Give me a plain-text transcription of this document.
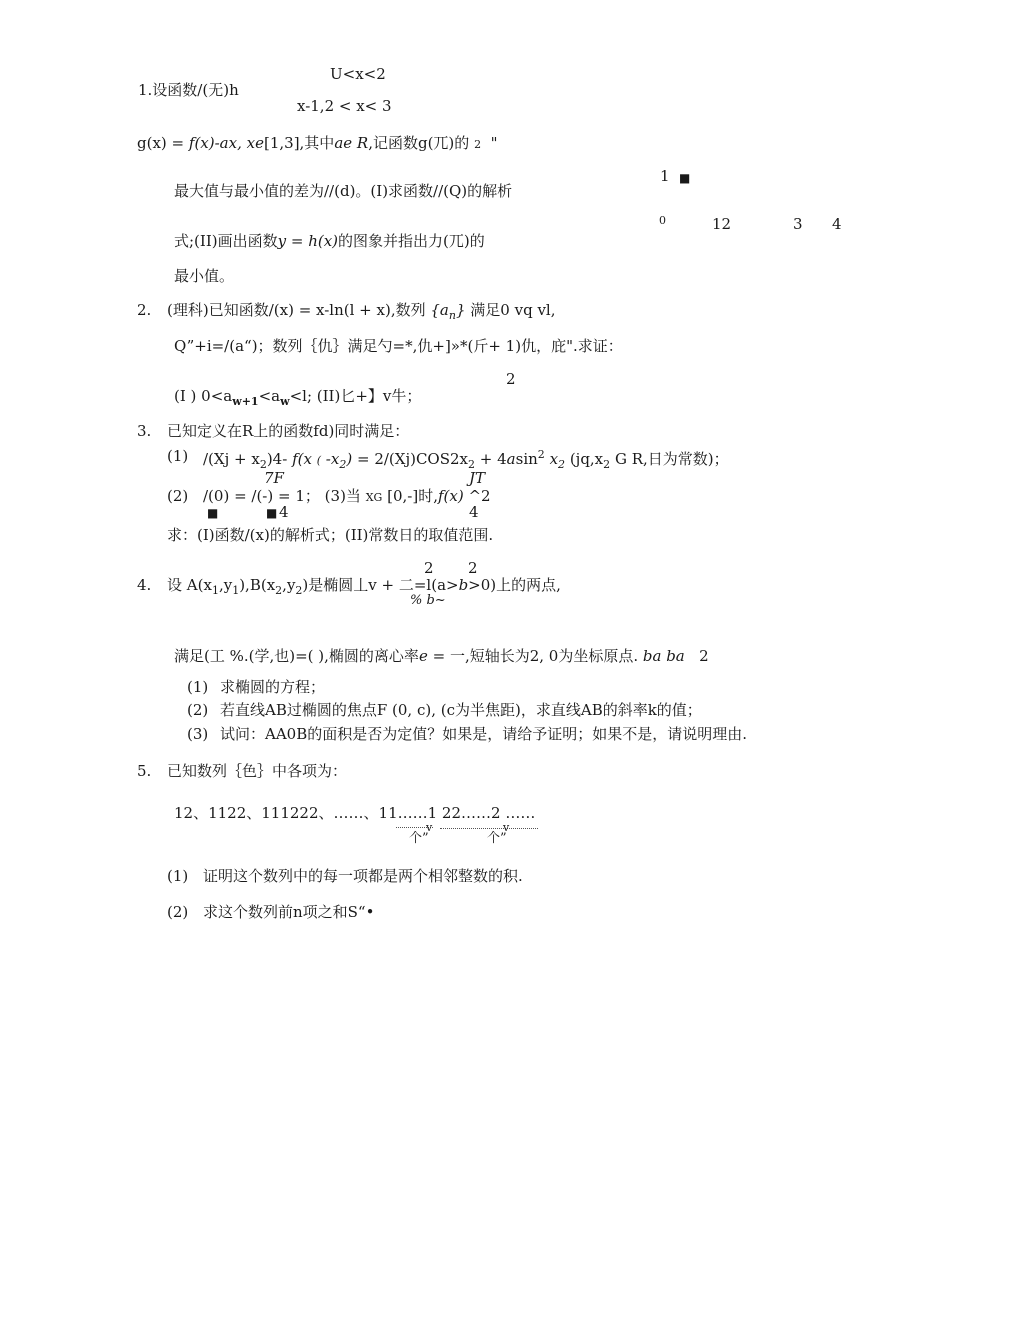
U<x<2
1.设函数/(无)h
x-1,2 < x< 3
g(x) = f(x)-ax, xe[1,3],其中ae R,记函数g(兀)的 2 "
1 ■
最大值与最小值的差为//(d)。(I)求函数//(Q)的解析
0	12	3 4
式;(II)画出函数y = h(x)的图象并指出力(兀)的
最小值。
2. (理科)已知函数/(x) = x-ln(l + x),数列 $\{a_n\}$ 满足0 vq vl,
Q”+i=/(a“)；数列｛仇｝满足勺=*,仇+]»*(斤+ 1)仇，庇".求证：
2
(I ) $0<a_{w+1}<a_w<l$; (II)匕+】v牛；
3. 已知定义在R上的函数fd)同时满足：
(1) $/(Xj + x_2)4-$ f(x ( $-x_2) = 2/(Xj)COS2x_2 + 4asin^2$ $x_2$ ($jq,x_2$ G R,日为常数)；
7F	JT
(2) /(0) = /(-) = 1； (3)当 XG [0,-]时,f(x) ^2
■	■ 4	4
求：(I)函数/(x)的解析式；(II)常数日的取值范围.
2 2
4. 设 $A(x_1,y_1),B(x_2,y_2)$是椭圆丄v + 二=l(a>b>0)上的两点,
% b~
满足(工 %.(学,也)=( ),椭圆的离心率e = 一,短轴长为2, 0为坐标原点. ba ba 2
(1) 求椭圆的方程；
(2) 若直线AB过椭圆的焦点F (0, c), (c为半焦距)，求直线AB的斜率k的值；
(3) 试问：AA0B的面积是否为定值？如果是，请给予证明；如果不是，请说明理由.
5. 已知数列｛色｝中各项为：
12、1122、111222、……、11……1 22……2 ……
v	v
个”	个”
(1) 证明这个数列中的每一项都是两个相邻整数的积.
(2) 求这个数列前n项之和S“•
